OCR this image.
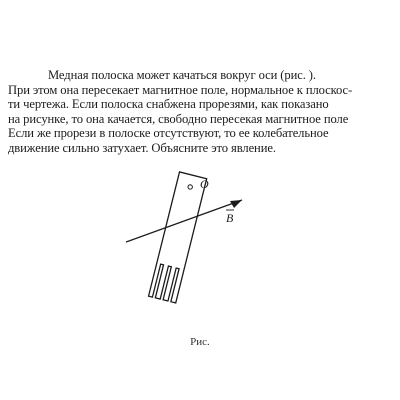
Медная полоска может качаться вокруг оси (рис. ).
При этом она пересекает магнитное поле, нормальное к плоскос-
ти чертежа. Если полоска снабжена прорезями, как показано
на рисунке, то она качается, свободно пересекая магнитное поле
Если же прорези в полоске отсутствуют, то ее колебательное
движение сильно затухает. Объясните это явление.
O
B
Рис.
